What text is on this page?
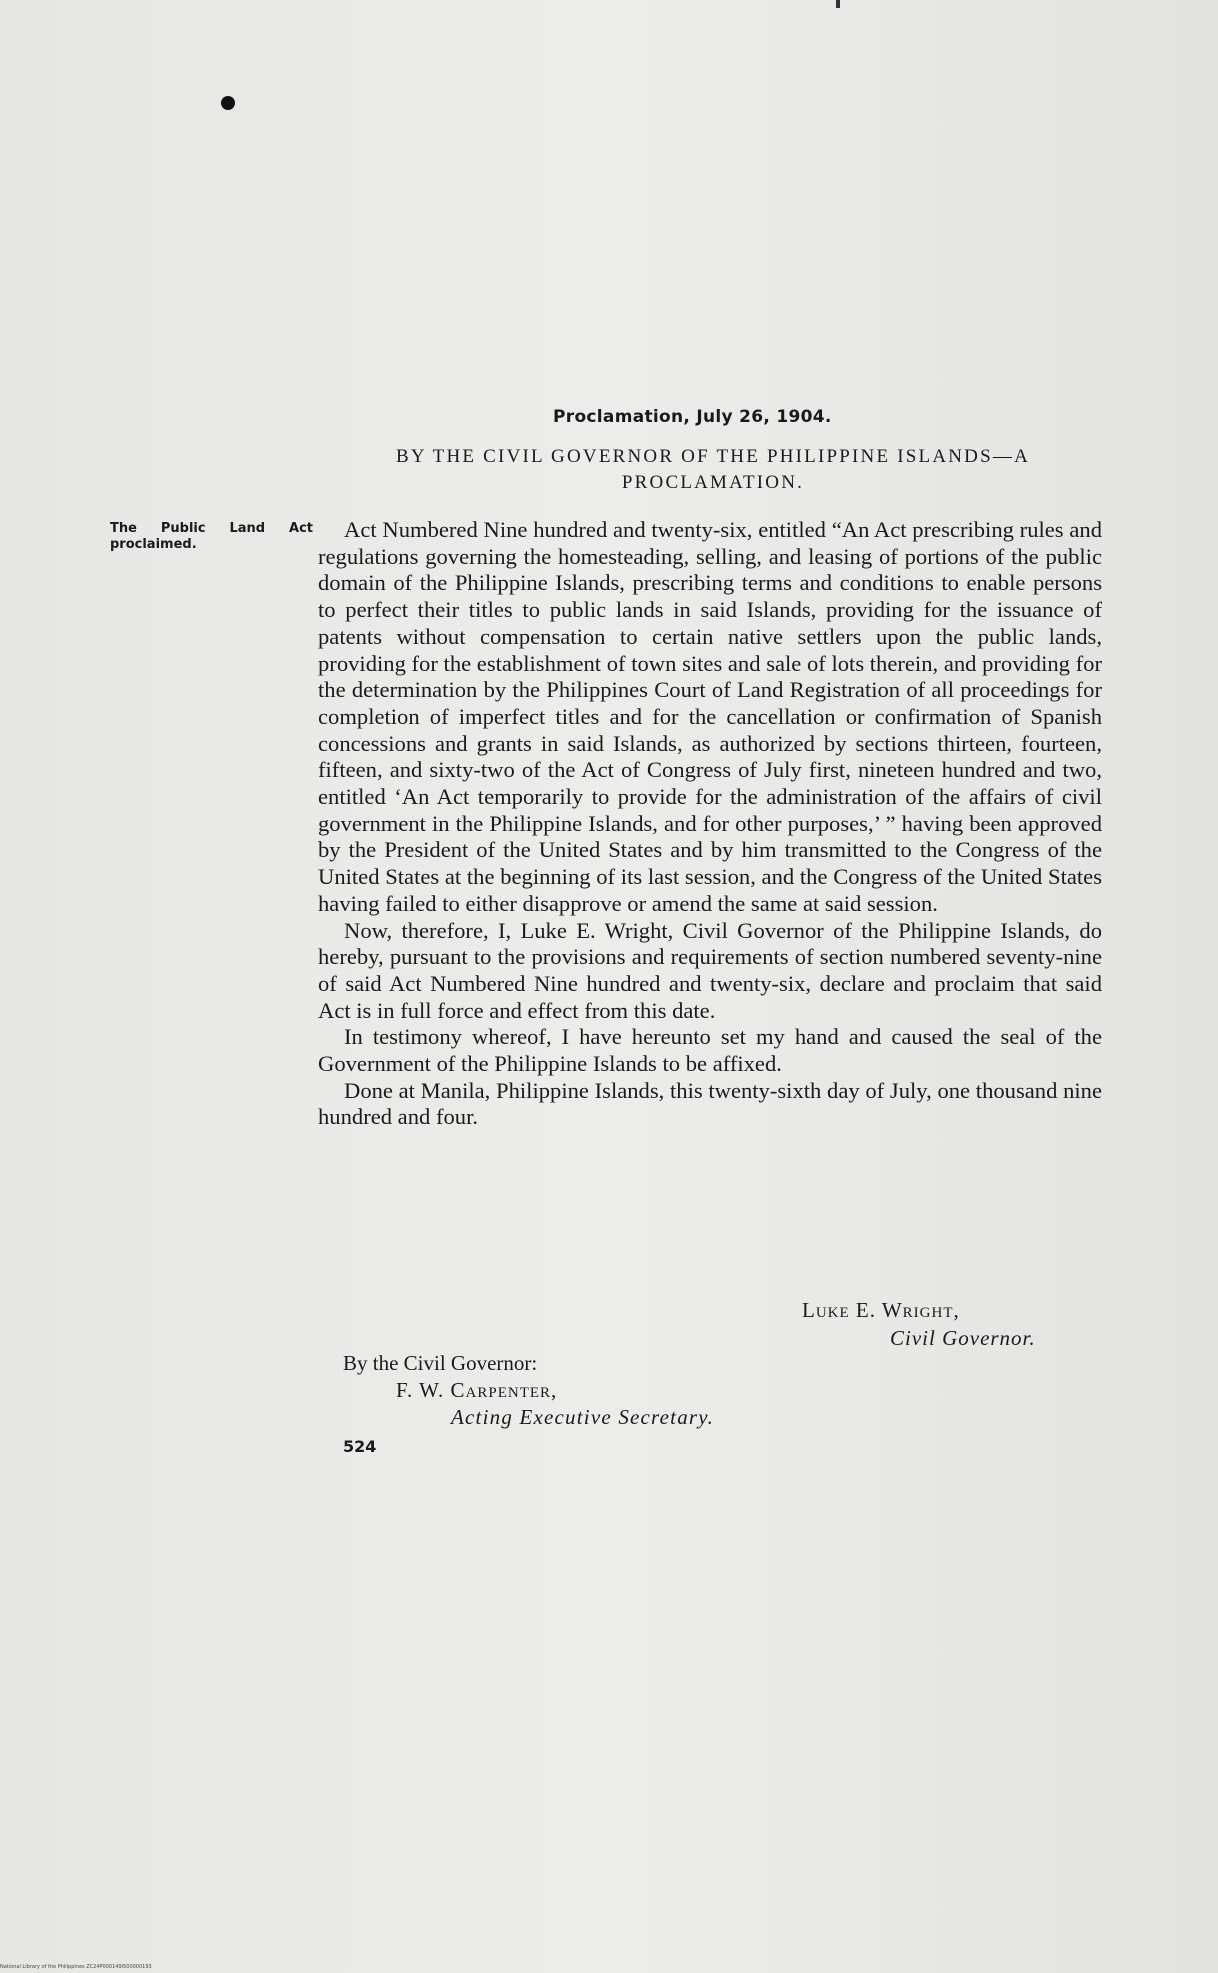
Proclamation, July 26, 1904.
BY THE CIVIL GOVERNOR OF THE PHILIPPINE ISLANDS—A PROCLAMATION.
The Public Land Act proclaimed.

Act Numbered Nine hundred and twenty-six, entitled “An Act prescribing rules and regulations governing the homesteading, selling, and leasing of portions of the public domain of the Philippine Islands, prescribing terms and conditions to enable persons to perfect their titles to public lands in said Islands, providing for the issuance of patents without compensation to certain native settlers upon the public lands, providing for the establishment of town sites and sale of lots therein, and providing for the determination by the Philippines Court of Land Registration of all proceedings for completion of imperfect titles and for the cancellation or confirmation of Spanish concessions and grants in said Islands, as authorized by sections thirteen, fourteen, fifteen, and sixty-two of the Act of Congress of July first, nineteen hundred and two, entitled ‘An Act temporarily to provide for the administration of the affairs of civil government in the Philippine Islands, and for other purposes,’ ” having been approved by the President of the United States and by him transmitted to the Congress of the United States at the beginning of its last session, and the Congress of the United States having failed to either disapprove or amend the same at said session.

Now, therefore, I, Luke E. Wright, Civil Governor of the Philippine Islands, do hereby, pursuant to the provisions and requirements of section numbered seventy-nine of said Act Numbered Nine hundred and twenty-six, declare and proclaim that said Act is in full force and effect from this date.

In testimony whereof, I have hereunto set my hand and caused the seal of the Government of the Philippine Islands to be affixed.

Done at Manila, Philippine Islands, this twenty-sixth day of July, one thousand nine hundred and four.

Luke E. Wright,
Civil Governor.
By the Civil Governor:
F. W. Carpenter,
Acting Executive Secretary.
524
National Library of the Philippines ZC24P000149I500000193
